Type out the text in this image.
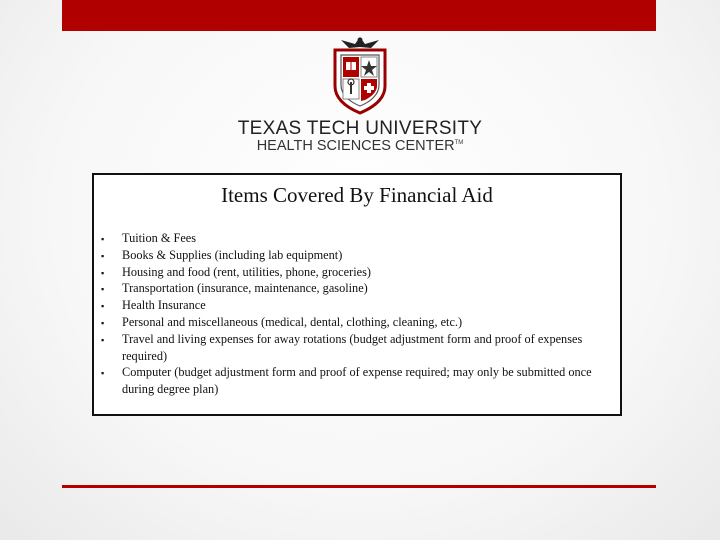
TEXAS TECH UNIVERSITY
HEALTH SCIENCES CENTER™
Items Covered By Financial Aid
▪ Tuition & Fees
▪ Books & Supplies (including lab equipment)
▪ Housing and food (rent, utilities, phone, groceries)
▪ Transportation (insurance, maintenance, gasoline)
▪ Health Insurance
▪ Personal and miscellaneous (medical, dental, clothing, cleaning, etc.)
▪ Travel and living expenses for away rotations (budget adjustment form and proof of expenses required)
▪ Computer (budget adjustment form and proof of expense required; may only be submitted once during degree plan)
